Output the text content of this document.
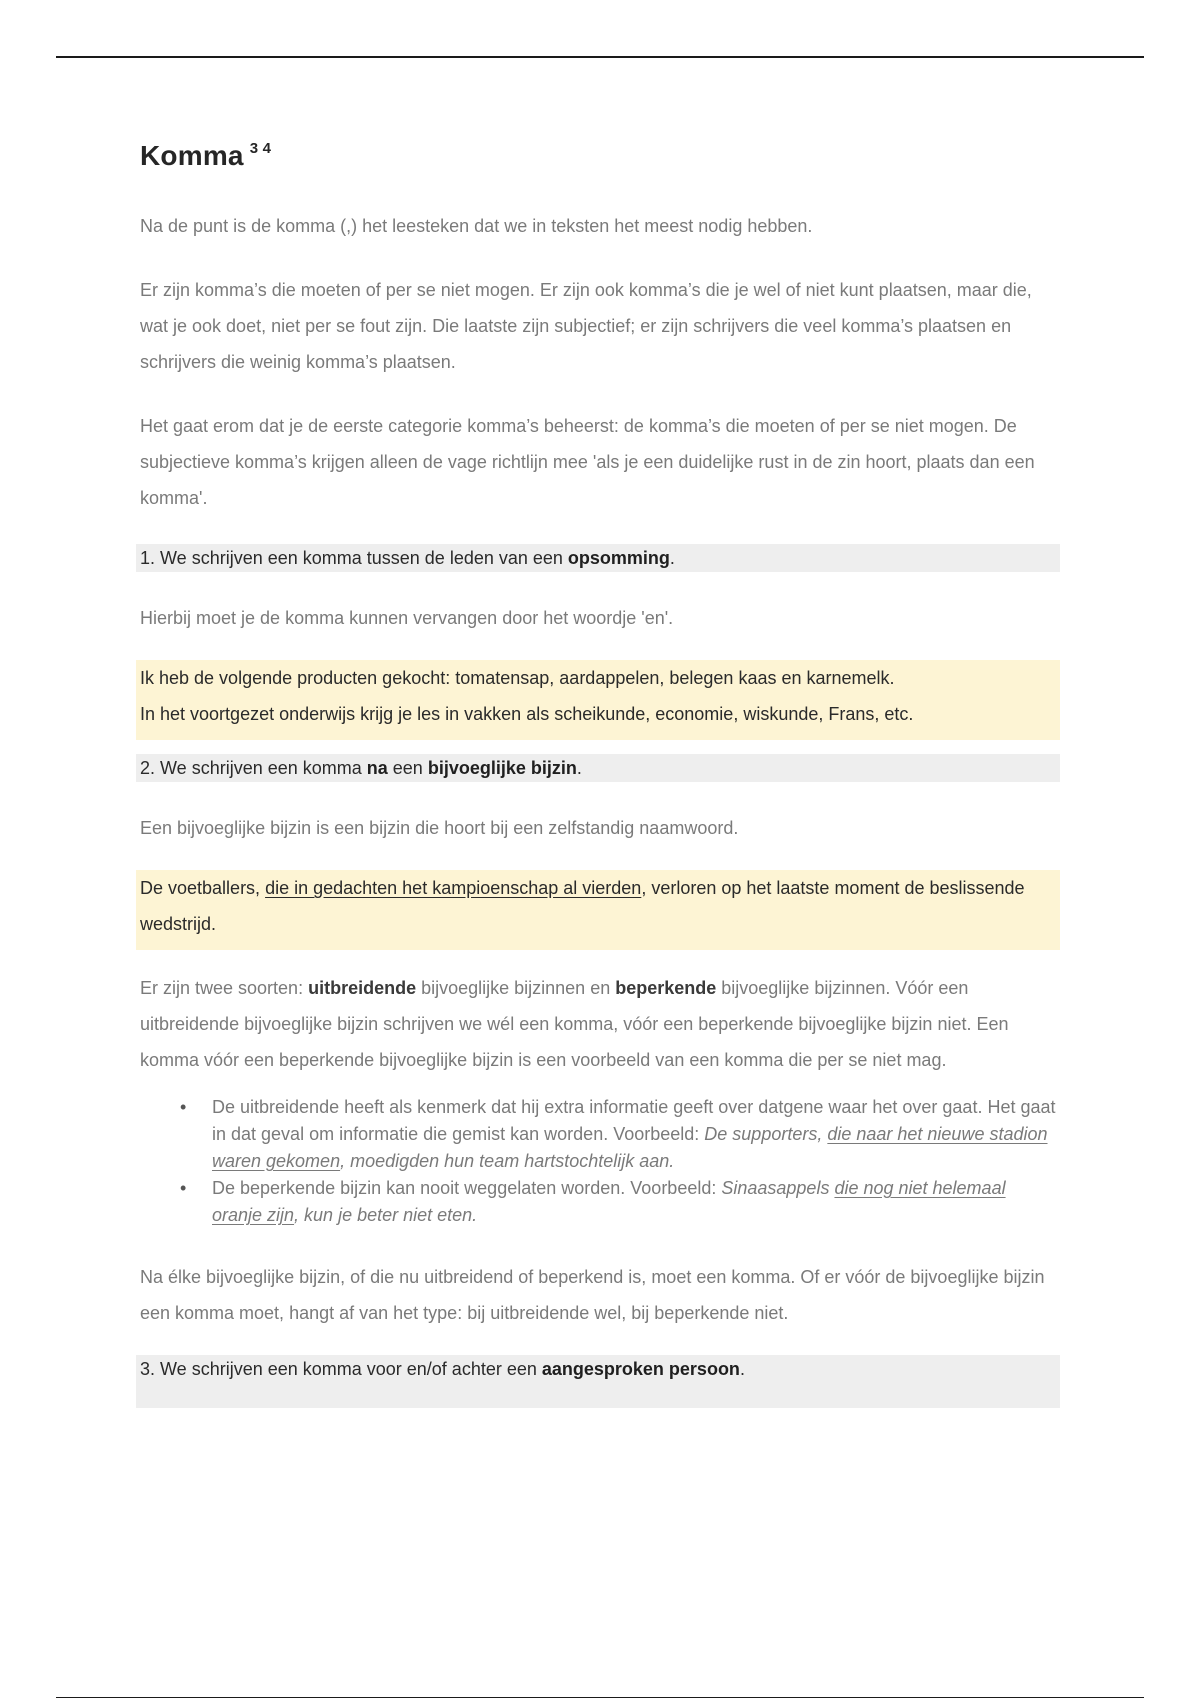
Komma $^{3 4}$

Na de punt is de komma (,) het leesteken dat we in teksten het meest nodig hebben.

Er zijn komma’s die moeten of per se niet mogen. Er zijn ook komma’s die je wel of niet kunt plaatsen, maar die, wat je ook doet, niet per se fout zijn. Die laatste zijn subjectief; er zijn schrijvers die veel komma’s plaatsen en schrijvers die weinig komma’s plaatsen.

Het gaat erom dat je de eerste categorie komma’s beheerst: de komma’s die moeten of per se niet mogen. De subjectieve komma’s krijgen alleen de vage richtlijn mee 'als je een duidelijke rust in de zin hoort, plaats dan een komma'.

1. We schrijven een komma tussen de leden van een opsomming.

Hierbij moet je de komma kunnen vervangen door het woordje 'en'.

Ik heb de volgende producten gekocht: tomatensap, aardappelen, belegen kaas en karnemelk.
In het voortgezet onderwijs krijg je les in vakken als scheikunde, economie, wiskunde, Frans, etc.
2. We schrijven een komma na een bijvoeglijke bijzin.

Een bijvoeglijke bijzin is een bijzin die hoort bij een zelfstandig naamwoord.

De voetballers, die in gedachten het kampioenschap al vierden, verloren op het laatste moment de beslissende wedstrijd.

Er zijn twee soorten: uitbreidende bijvoeglijke bijzinnen en beperkende bijvoeglijke bijzinnen. Vóór een uitbreidende bijvoeglijke bijzin schrijven we wél een komma, vóór een beperkende bijvoeglijke bijzin niet. Een komma vóór een beperkende bijvoeglijke bijzin is een voorbeeld van een komma die per se niet mag.

• De uitbreidende heeft als kenmerk dat hij extra informatie geeft over datgene waar het over gaat. Het gaat in dat geval om informatie die gemist kan worden. Voorbeeld: De supporters, die naar het nieuwe stadion waren gekomen, moedigden hun team hartstochtelijk aan.
• De beperkende bijzin kan nooit weggelaten worden. Voorbeeld: Sinaasappels die nog niet helemaal oranje zijn, kun je beter niet eten.

Na élke bijvoeglijke bijzin, of die nu uitbreidend of beperkend is, moet een komma. Of er vóór de bijvoeglijke bijzin een komma moet, hangt af van het type: bij uitbreidende wel, bij beperkende niet.

3. We schrijven een komma voor en/of achter een aangesproken persoon.
